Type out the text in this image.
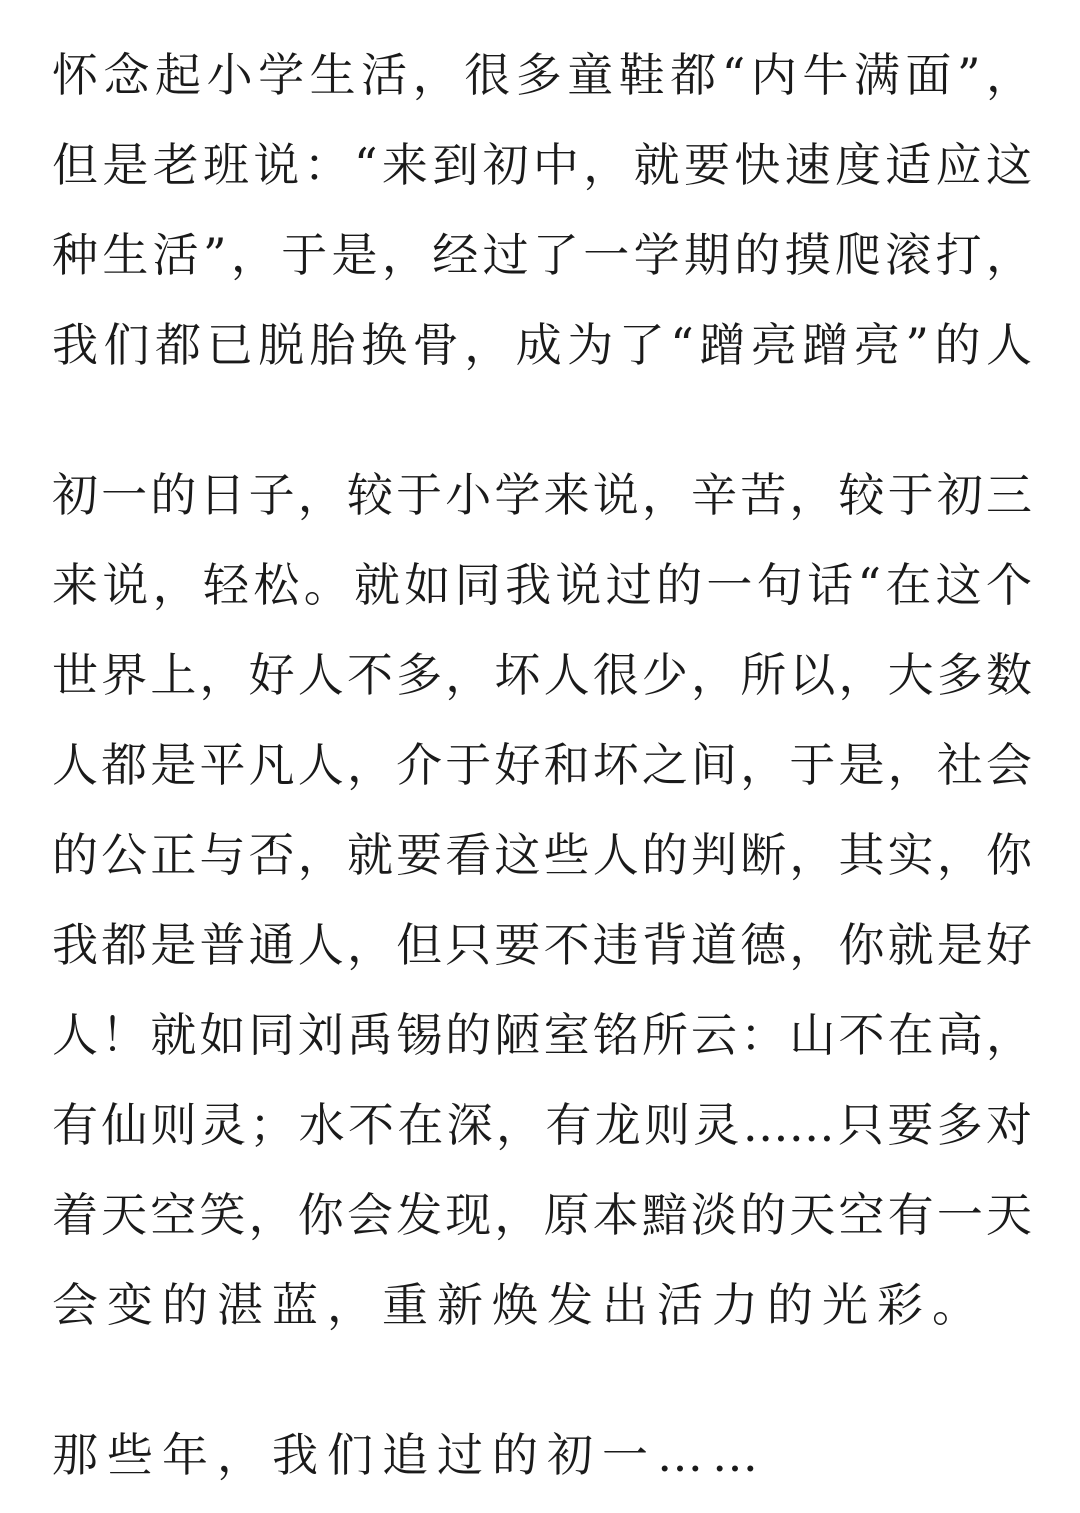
怀念起小学生活，很多童鞋都“内牛满面”，
但是老班说：“来到初中，就要快速度适应这
种生活”，于是，经过了一学期的摸爬滚打，
我们都已脱胎换骨，成为了“蹭亮蹭亮”的人
初一的日子，较于小学来说，辛苦，较于初三
来说，轻松。就如同我说过的一句话“在这个
世界上，好人不多，坏人很少，所以，大多数
人都是平凡人，介于好和坏之间，于是，社会
的公正与否，就要看这些人的判断，其实，你
我都是普通人，但只要不违背道德，你就是好
人！就如同刘禹锡的陋室铭所云：山不在高，
有仙则灵；水不在深，有龙则灵……只要多对
着天空笑，你会发现，原本黯淡的天空有一天
会变的湛蓝，重新焕发出活力的光彩。
那些年，我们追过的初一……
